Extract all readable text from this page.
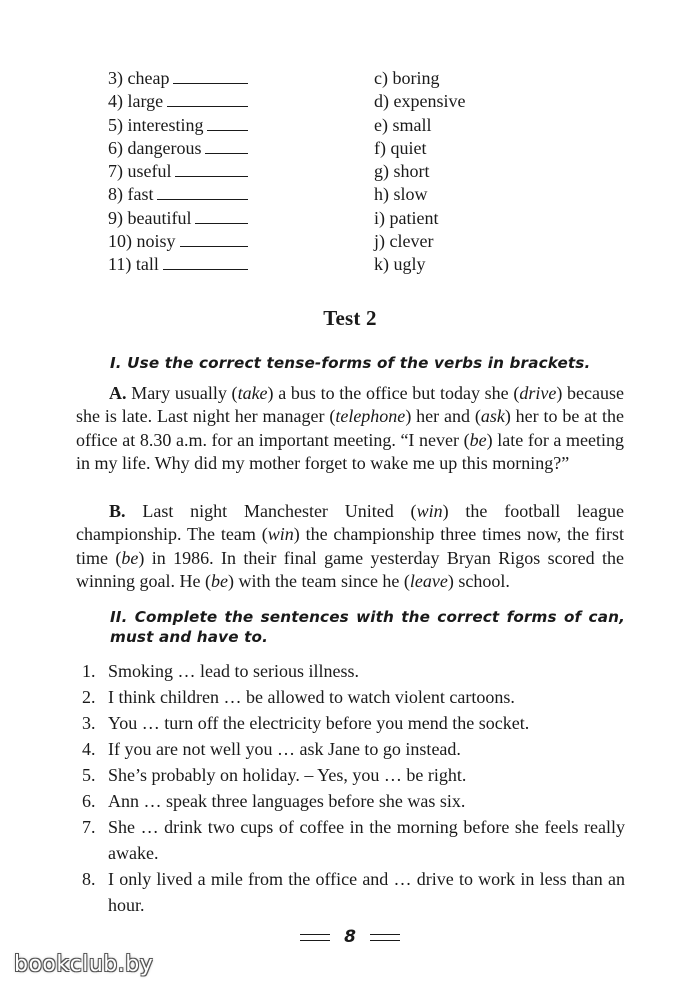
3) cheap
4) large
5) interesting
6) dangerous
7) useful
8) fast
9) beautiful
10) noisy
11) tall
c) boring
d) expensive
e) small
f) quiet
g) short
h) slow
i) patient
j) clever
k) ugly
Test 2
I. Use the correct tense-forms of the verbs in brackets.

A. Mary usually (take) a bus to the office but today she (drive) because she is late. Last night her manager (telephone) her and (ask) her to be at the office at 8.30 a.m. for an important meeting. “I never (be) late for a meeting in my life. Why did my mother forget to wake me up this morning?”

B. Last night Manchester United (win) the football league championship. The team (win) the championship three times now, the first time (be) in 1986. In their final game yesterday Bryan Rigos scored the winning goal. He (be) with the team since he (leave) school.

II. Complete the sentences with the correct forms of can, must and have to.
1. Smoking … lead to serious illness.
2. I think children … be allowed to watch violent cartoons.
3. You … turn off the electricity before you mend the socket.
4. If you are not well you … ask Jane to go instead.
5. She’s probably on holiday. – Yes, you … be right.
6. Ann … speak three languages before she was six.
7. She … drink two cups of coffee in the morning before she feels really awake.
8. I only lived a mile from the office and … drive to work in less than an hour.
8
bookclub.by
